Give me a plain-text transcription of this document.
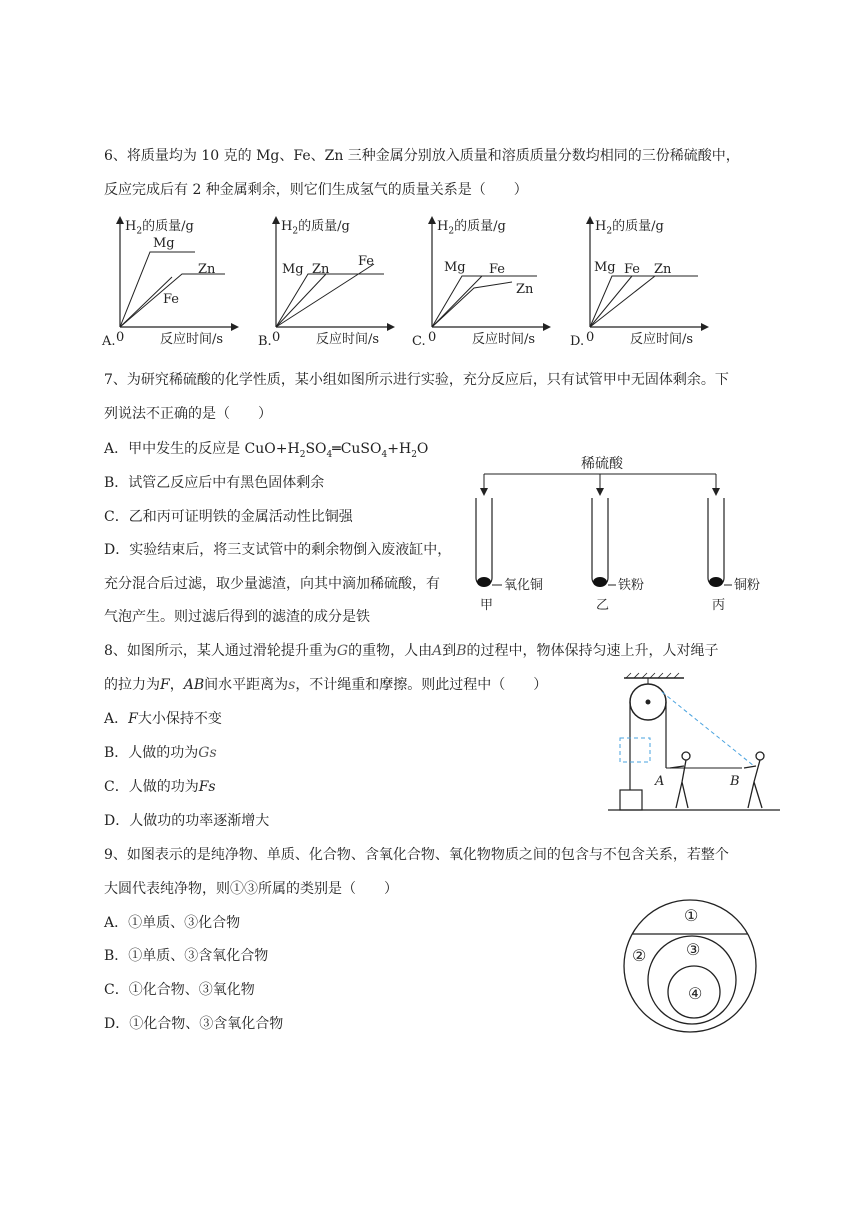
6、将质量均为 10 克的 Mg、Fe、Zn 三种金属分别放入质量和溶质质量分数均相同的三份稀硫酸中，
反应完成后有 2 种金属剩余，则它们生成氢气的质量关系是（　　）
$H_2$的质量/g
Mg
Zn
Fe
A. 0	反应时间/s
$H_2$的质量/g
Mg Zn
Fe
B. 0	反应时间/s
$H_2$的质量/g
Mg Fe
Zn
C. 0	反应时间/s
$H_2$的质量/g
Mg Fe Zn
D. 0	反应时间/s
7、为研究稀硫酸的化学性质，某小组如图所示进行实验，充分反应后，只有试管甲中无固体剩余。下
列说法不正确的是（　　）
A．甲中发生的反应是 $CuO+H_2SO_4═CuSO_4+H_2O$
B．试管乙反应后中有黑色固体剩余
C．乙和丙可证明铁的金属活动性比铜强
D．实验结束后，将三支试管中的剩余物倒入废液缸中，
充分混合后过滤，取少量滤渣，向其中滴加稀硫酸，有
气泡产生。则过滤后得到的滤渣的成分是铁
稀硫酸
氧化铜	铁粉	铜粉
甲	乙	丙
8、如图所示，某人通过滑轮提升重为G的重物，人由A到B的过程中，物体保持匀速上升，人对绳子
的拉力为F，AB间水平距离为s，不计绳重和摩擦。则此过程中（　　）
A．F大小保持不变
B．人做的功为Gs
C．人做的功为Fs
D．人做功的功率逐渐增大
A	B
9、如图表示的是纯净物、单质、化合物、含氧化合物、氧化物物质之间的包含与不包含关系，若整个
大圆代表纯净物，则①③所属的类别是（　　）
A．①单质、③化合物
B．①单质、③含氧化合物
C．①化合物、③氧化物
D．①化合物、③含氧化合物
①
② ③
④
